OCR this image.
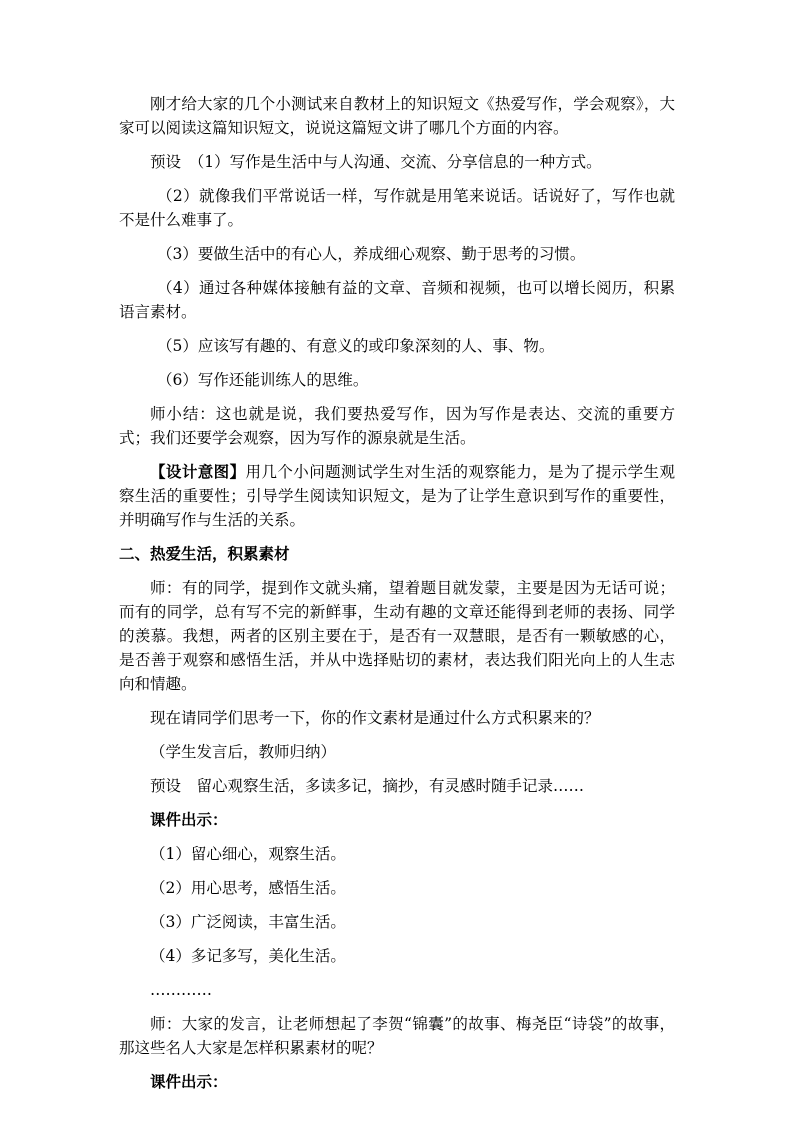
刚才给大家的几个小测试来自教材上的知识短文《热爱写作，学会观察》，大家可以阅读这篇知识短文，说说这篇短文讲了哪几个方面的内容。

预设　（1）写作是生活中与人沟通、交流、分享信息的一种方式。

（2）就像我们平常说话一样，写作就是用笔来说话。话说好了，写作也就不是什么难事了。

（3）要做生活中的有心人，养成细心观察、勤于思考的习惯。

（4）通过各种媒体接触有益的文章、音频和视频，也可以增长阅历，积累语言素材。

（5）应该写有趣的、有意义的或印象深刻的人、事、物。

（6）写作还能训练人的思维。

师小结：这也就是说，我们要热爱写作，因为写作是表达、交流的重要方式；我们还要学会观察，因为写作的源泉就是生活。

【设计意图】用几个小问题测试学生对生活的观察能力，是为了提示学生观察生活的重要性；引导学生阅读知识短文，是为了让学生意识到写作的重要性，并明确写作与生活的关系。

二、热爱生活，积累素材

师：有的同学，提到作文就头痛，望着题目就发蒙，主要是因为无话可说；而有的同学，总有写不完的新鲜事，生动有趣的文章还能得到老师的表扬、同学的羡慕。我想，两者的区别主要在于，是否有一双慧眼，是否有一颗敏感的心，是否善于观察和感悟生活，并从中选择贴切的素材，表达我们阳光向上的人生志向和情趣。

现在请同学们思考一下，你的作文素材是通过什么方式积累来的？

（学生发言后，教师归纳）

预设　留心观察生活，多读多记，摘抄，有灵感时随手记录……

课件出示：

（1）留心细心，观察生活。

（2）用心思考，感悟生活。

（3）广泛阅读，丰富生活。

（4）多记多写，美化生活。

…………

师：大家的发言，让老师想起了李贺“锦囊”的故事、梅尧臣“诗袋”的故事，那这些名人大家是怎样积累素材的呢？

课件出示：
